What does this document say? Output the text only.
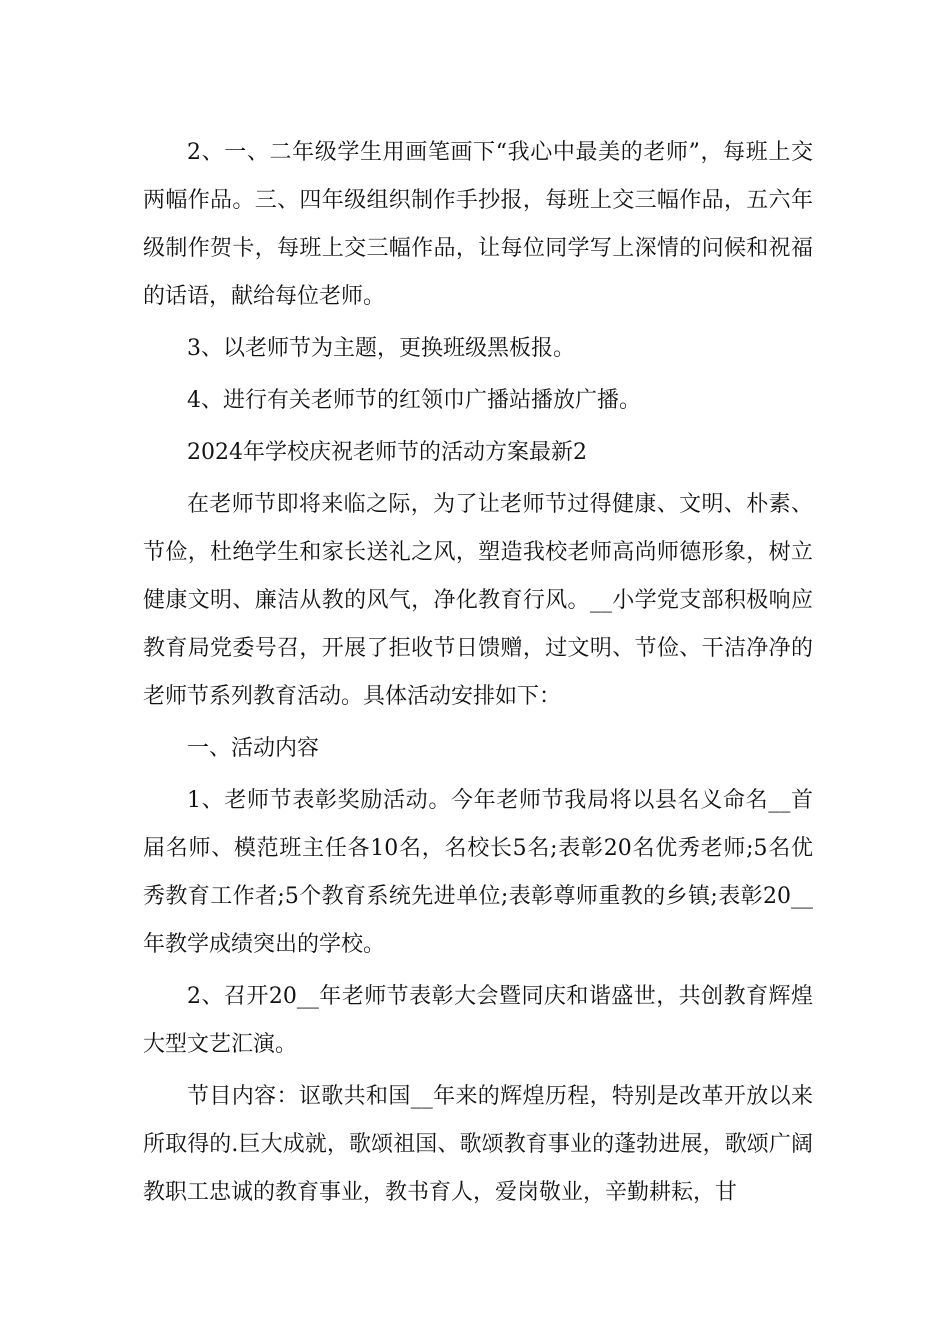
2、一、二年级学生用画笔画下“我心中最美的老师”，每班上交两幅作品。三、四年级组织制作手抄报，每班上交三幅作品，五六年级制作贺卡，每班上交三幅作品，让每位同学写上深情的问候和祝福的话语，献给每位老师。

3、以老师节为主题，更换班级黑板报。

4、进行有关老师节的红领巾广播站播放广播。

2024年学校庆祝老师节的活动方案最新2

在老师节即将来临之际，为了让老师节过得健康、文明、朴素、节俭，杜绝学生和家长送礼之风，塑造我校老师高尚师德形象，树立健康文明、廉洁从教的风气，净化教育行风。__小学党支部积极响应教育局党委号召，开展了拒收节日馈赠，过文明、节俭、干洁净净的老师节系列教育活动。具体活动安排如下：

一、活动内容

1、老师节表彰奖励活动。今年老师节我局将以县名义命名__首届名师、模范班主任各10名，名校长5名;表彰20名优秀老师;5名优秀教育工作者;5个教育系统先进单位;表彰尊师重教的乡镇;表彰20__年教学成绩突出的学校。

2、召开20__年老师节表彰大会暨同庆和谐盛世，共创教育辉煌大型文艺汇演。

节目内容：讴歌共和国__年来的辉煌历程，特别是改革开放以来所取得的.巨大成就，歌颂祖国、歌颂教育事业的蓬勃进展，歌颂广阔教职工忠诚的教育事业，教书育人，爱岗敬业，辛勤耕耘，甘
